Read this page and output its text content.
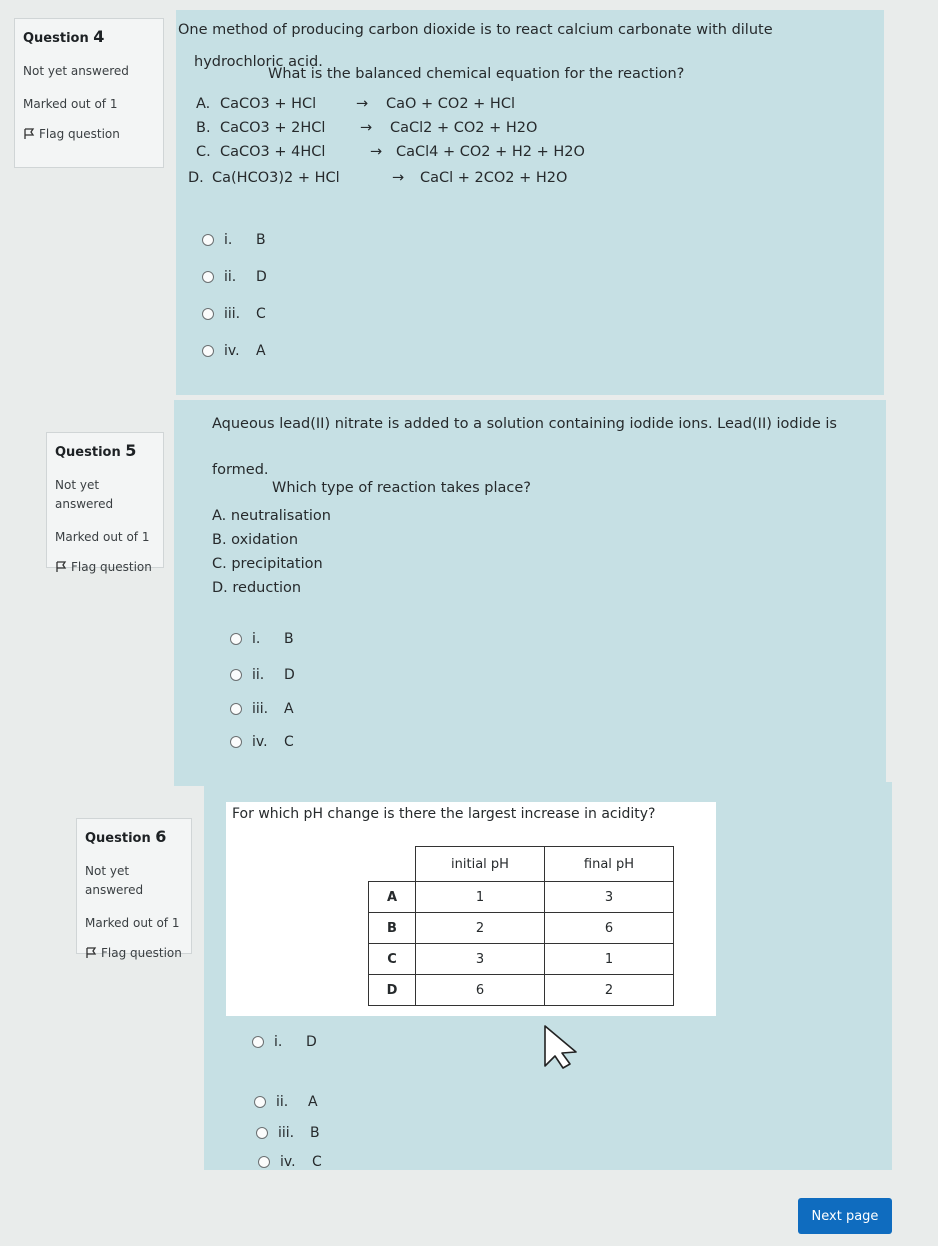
Question 4
Not yet answered
Marked out of 1
Flag question
One method of producing carbon dioxide is to react calcium carbonate with dilute
hydrochloric acid.
What is the balanced chemical equation for the reaction?
A. CaCO3 + HCl	→ CaO + CO2 + HCl
B. CaCO3 + 2HCl → CaCl2 + CO2 + H2O
C. CaCO3 + 4HCl	→ CaCl4 + CO2 + H2 + H2O
D. Ca(HCO3)2 + HCl	→ CaCl + 2CO2 + H2O
i.	B
ii.	D
iii.	C
iv.	A
Question 5
Not yet answered
Marked out of 1
Flag question
Aqueous lead(II) nitrate is added to a solution containing iodide ions. Lead(II) iodide is
formed.
Which type of reaction takes place?
A. neutralisation
B. oxidation
C. precipitation
D. reduction
i.	B
ii.	D
iii.	A
iv.	C
Question 6
Not yet answered
Marked out of 1
Flag question
For which pH change is there the largest increase in acidity?
	initial pH	final pH
A	1	3
B	2	6
C	3	1
D	6	2
i.	D
ii.	A
iii.	B
iv.	C
Next page
